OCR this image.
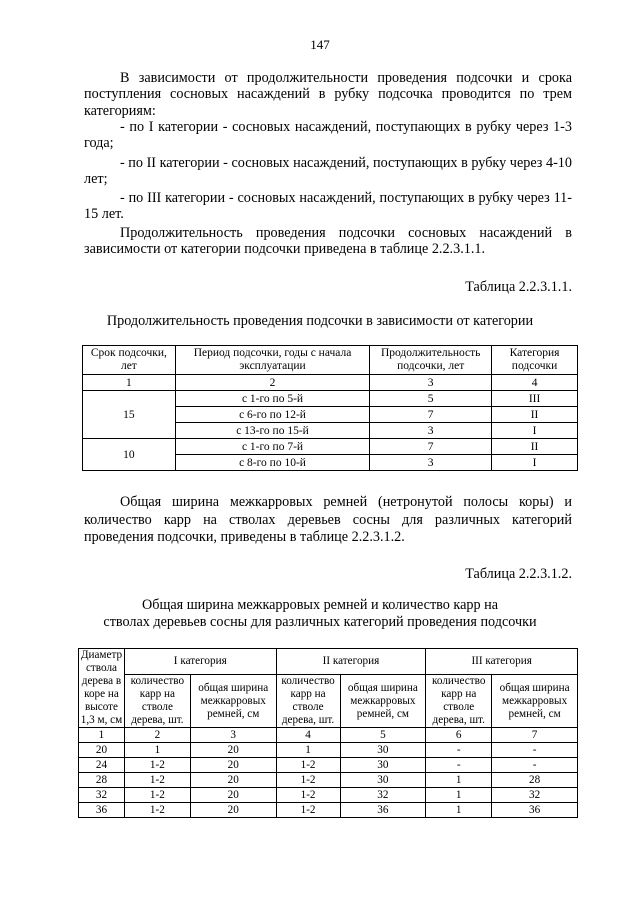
147
В зависимости от продолжительности проведения подсочки и срока поступления сосновых насаждений в рубку подсочка проводится по трем категориям:
- по I категории - сосновых насаждений, поступающих в рубку через 1-3 года;
- по II категории - сосновых насаждений, поступающих в рубку через 4-10 лет;
- по III категории - сосновых насаждений, поступающих в рубку через 11-15 лет.
Продолжительность проведения подсочки сосновых насаждений в зависимости от категории подсочки приведена в таблице 2.2.3.1.1.
Таблица 2.2.3.1.1.
Продолжительность проведения подсочки в зависимости от категории
Срок подсочки, лет	Период подсочки, годы с начала эксплуатации	Продолжительность подсочки, лет	Категория подсочки
1	2	3	4
15	с 1-го по 5-й	5	III
	с 6-го по 12-й	7	II
	с 13-го по 15-й	3	I
10	с 1-го по 7-й	7	II
	с 8-го по 10-й	3	I
Общая ширина межкарровых ремней (нетронутой полосы коры) и количество карр на стволах деревьев сосны для различных категорий проведения подсочки, приведены в таблице 2.2.3.1.2.
Таблица 2.2.3.1.2.
Общая ширина межкарровых ремней и количество карр на
стволах деревьев сосны для различных категорий проведения подсочки
Диаметр ствола дерева в коре на высоте 1,3 м, см	I категория		II категория		III категория	
	количество карр на стволе дерева, шт.	общая ширина межкарровых ремней, см	количество карр на стволе дерева, шт.	общая ширина межкарровых ремней, см	количество карр на стволе дерева, шт.	общая ширина межкарровых ремней, см
1	2	3	4	5	6	7
20	1	20	1	30	-	-
24	1-2	20	1-2	30	-	-
28	1-2	20	1-2	30	1	28
32	1-2	20	1-2	32	1	32
36	1-2	20	1-2	36	1	36
